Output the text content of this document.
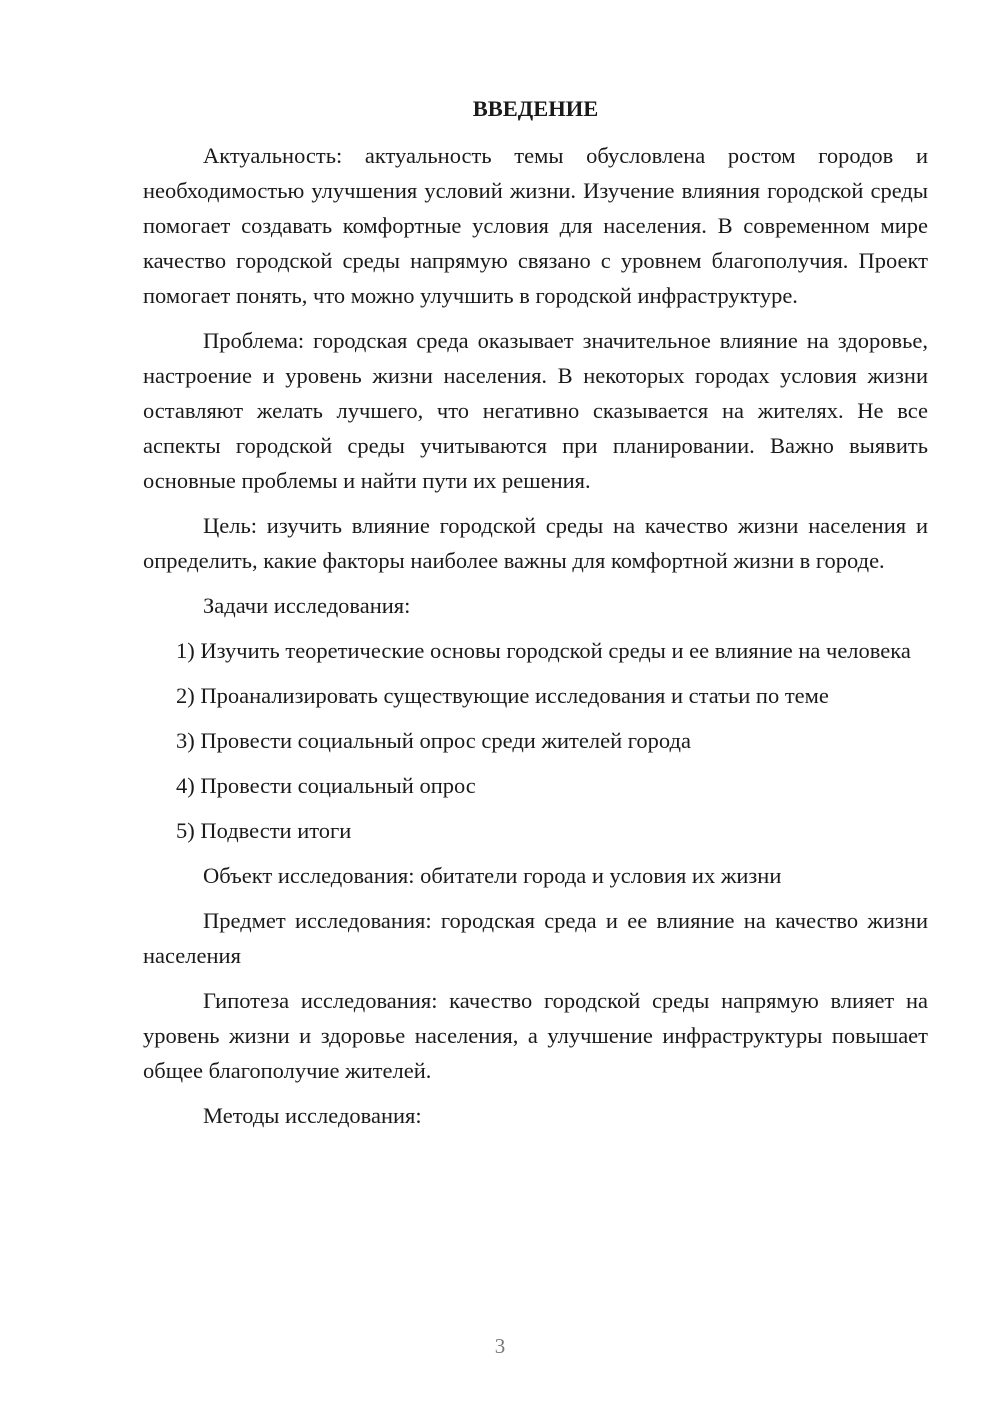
ВВЕДЕНИЕ

Актуальность: актуальность темы обусловлена ростом городов и необходимостью улучшения условий жизни. Изучение влияния городской среды помогает создавать комфортные условия для населения. В современном мире качество городской среды напрямую связано с уровнем благополучия. Проект помогает понять, что можно улучшить в городской инфраструктуре.

Проблема: городская среда оказывает значительное влияние на здоровье, настроение и уровень жизни населения. В некоторых городах условия жизни оставляют желать лучшего, что негативно сказывается на жителях. Не все аспекты городской среды учитываются при планировании. Важно выявить основные проблемы и найти пути их решения.

Цель: изучить влияние городской среды на качество жизни населения и определить, какие факторы наиболее важны для комфортной жизни в городе.

Задачи исследования:

1) Изучить теоретические основы городской среды и ее влияние на человека

2) Проанализировать существующие исследования и статьи по теме

3) Провести социальный опрос среди жителей города

4) Провести социальный опрос

5) Подвести итоги

Объект исследования: обитатели города и условия их жизни

Предмет исследования: городская среда и ее влияние на качество жизни населения

Гипотеза исследования: качество городской среды напрямую влияет на уровень жизни и здоровье населения, а улучшение инфраструктуры повышает общее благополучие жителей.

Методы исследования:

3
